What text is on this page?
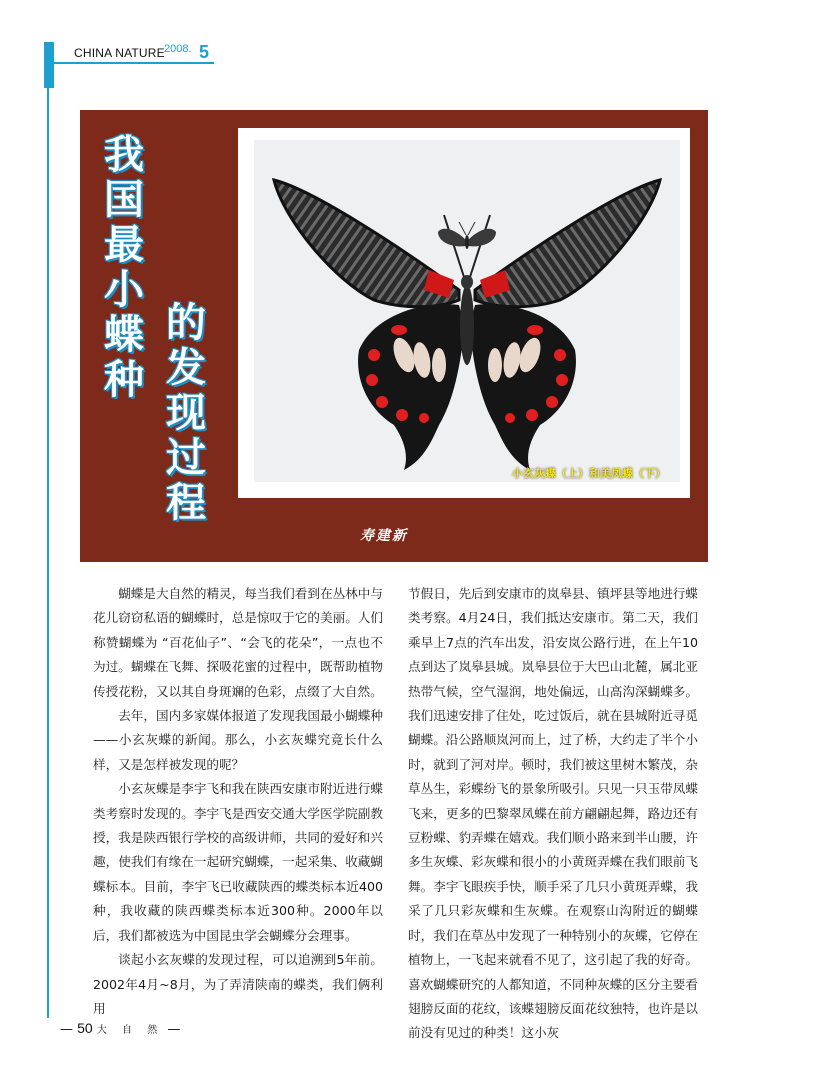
CHINA NATURE 2008. 5
小玄灰蝶（上）和美凤蝶（下）
我国最小蝶种
的发现过程
寿建新

蝴蝶是大自然的精灵，每当我们看到在丛林中与花儿窃窃私语的蝴蝶时，总是惊叹于它的美丽。人们称赞蝴蝶为 “百花仙子”、“会飞的花朵”，一点也不为过。蝴蝶在飞舞、探吸花蜜的过程中，既帮助植物传授花粉，又以其自身斑斓的色彩，点缀了大自然。

去年，国内多家媒体报道了发现我国最小蝴蝶种——小玄灰蝶的新闻。那么，小玄灰蝶究竟长什么样，又是怎样被发现的呢？

小玄灰蝶是李宇飞和我在陕西安康市附近进行蝶类考察时发现的。李宇飞是西安交通大学医学院副教授，我是陕西银行学校的高级讲师，共同的爱好和兴趣，使我们有缘在一起研究蝴蝶，一起采集、收藏蝴蝶标本。目前，李宇飞已收藏陕西的蝶类标本近400种，我收藏的陕西蝶类标本近300种。2000年以后，我们都被选为中国昆虫学会蝴蝶分会理事。

谈起小玄灰蝶的发现过程，可以追溯到5年前。2002年4月~8月，为了弄清陕南的蝶类，我们俩利用

节假日，先后到安康市的岚皋县、镇坪县等地进行蝶类考察。4月24日，我们抵达安康市。第二天，我们乘早上7点的汽车出发，沿安岚公路行进，在上午10点到达了岚皋县城。岚皋县位于大巴山北麓，属北亚热带气候，空气湿润，地处偏远，山高沟深蝴蝶多。我们迅速安排了住处，吃过饭后，就在县城附近寻觅蝴蝶。沿公路顺岚河而上，过了桥，大约走了半个小时，就到了河对岸。顿时，我们被这里树木繁茂，杂草丛生，彩蝶纷飞的景象所吸引。只见一只玉带凤蝶飞来，更多的巴黎翠凤蝶在前方翩翩起舞，路边还有豆粉蝶、豹弄蝶在嬉戏。我们顺小路来到半山腰，许多生灰蝶、彩灰蝶和很小的小黄斑弄蝶在我们眼前飞舞。李宇飞眼疾手快，顺手采了几只小黄斑弄蝶，我采了几只彩灰蝶和生灰蝶。在观察山沟附近的蝴蝶时，我们在草丛中发现了一种特别小的灰蝶，它停在植物上，一飞起来就看不见了，这引起了我的好奇。喜欢蝴蝶研究的人都知道，不同种灰蝶的区分主要看翅膀反面的花纹，该蝶翅膀反面花纹独特，也许是以前没有见过的种类！这小灰

— 50 大 自 然 —
